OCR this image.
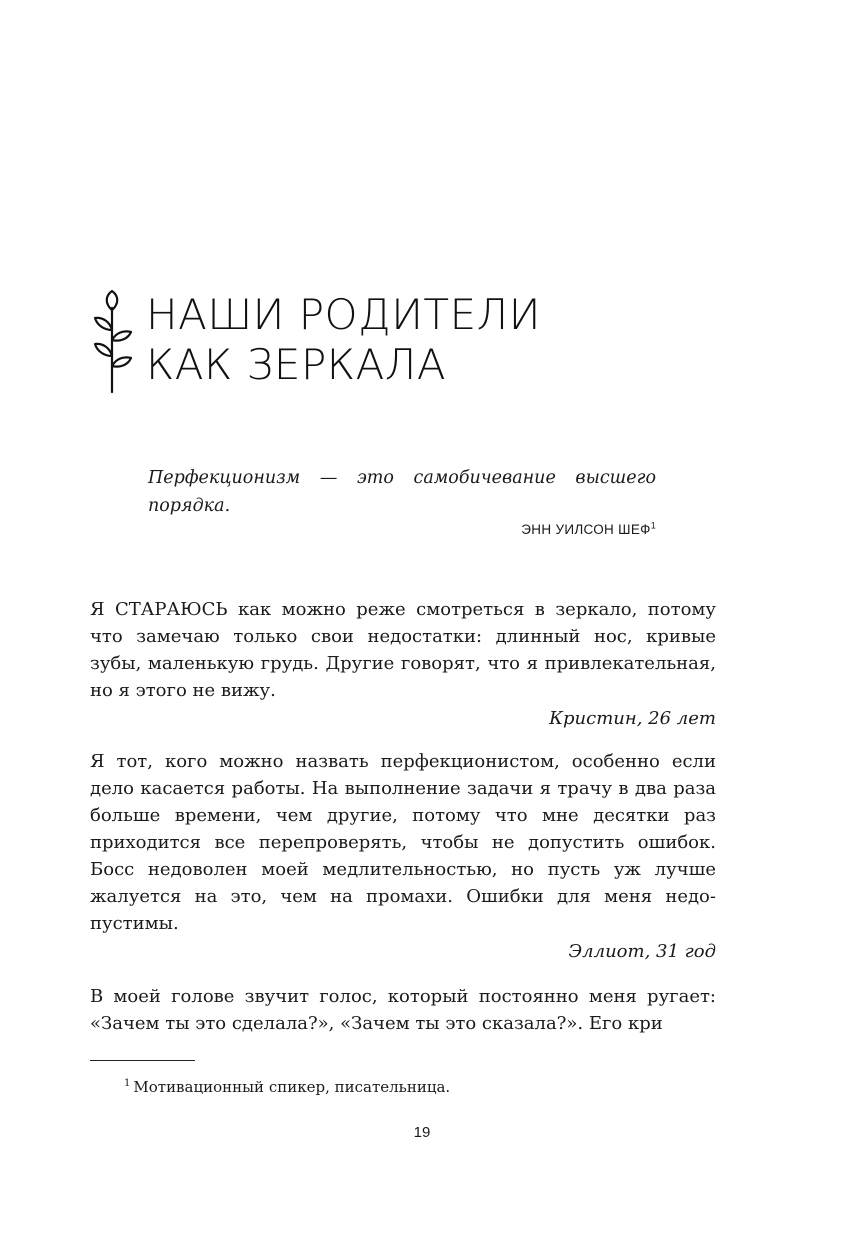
НАШИ РОДИТЕЛИ
КАК ЗЕРКАЛА
Перфекционизм — это самобичевание высшего порядка.
ЭНН УИЛСОН ШЕФ$^1$

Я СТАРАЮСЬ как можно реже смотреться в зеркало, потому что замечаю только свои недостатки: длинный нос, кривые зубы, маленькую грудь. Другие говорят, что я привлекательная, но я этого не вижу.

Кристин, 26 лет

Я тот, кого можно назвать перфекционистом, особенно если дело касается работы. На выполнение задачи я трачу в два раза больше времени, чем другие, потому что мне десятки раз приходится все перепроверять, чтобы не допустить ошибок. Босс недоволен моей медлительностью, но пусть уж лучше жалуется на это, чем на промахи. Ошибки для меня недопустимы.

Эллиот, 31 год

В моей голове звучит голос, который постоянно меня ругает: «Зачем ты это сделала?», «Зачем ты это сказала?». Его кри

$^1$ Мотивационный спикер, писательница.
19
